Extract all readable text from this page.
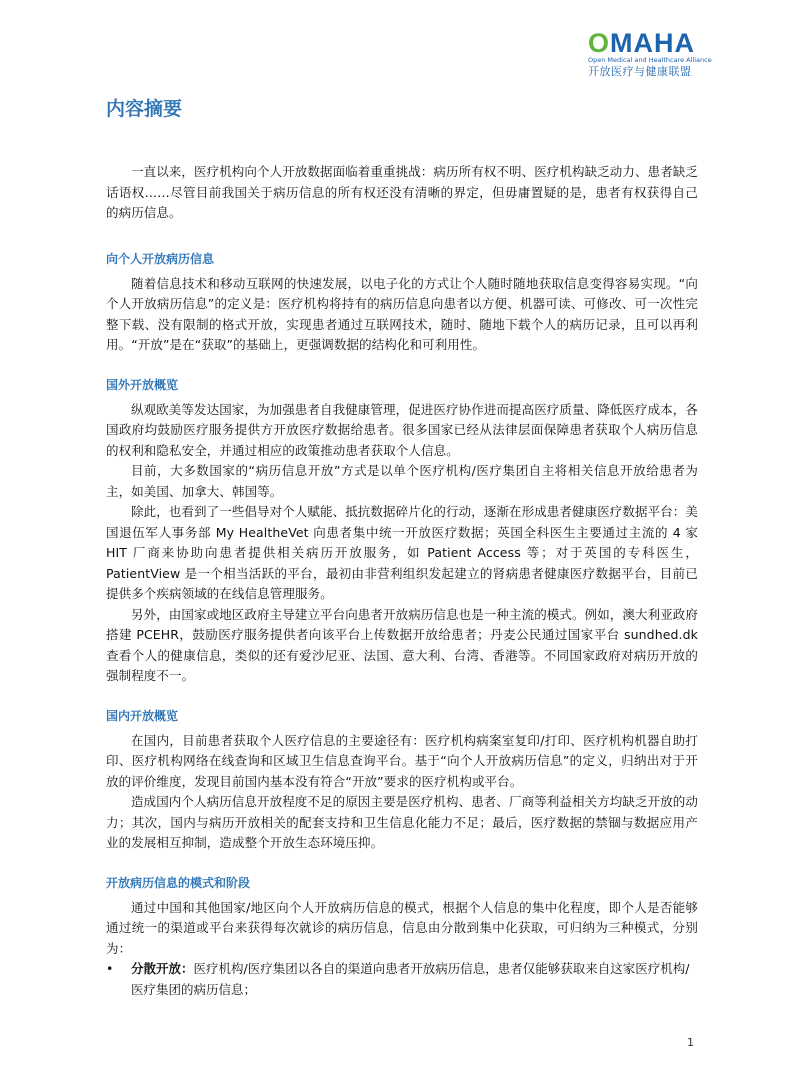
OMAHA
Open Medical and Healthcare Alliance
开放医疗与健康联盟
内容摘要

一直以来，医疗机构向个人开放数据面临着重重挑战：病历所有权不明、医疗机构缺乏动力、患者缺乏话语权……尽管目前我国关于病历信息的所有权还没有清晰的界定，但毋庸置疑的是，患者有权获得自己的病历信息。

向个人开放病历信息

随着信息技术和移动互联网的快速发展，以电子化的方式让个人随时随地获取信息变得容易实现。“向个人开放病历信息”的定义是：医疗机构将持有的病历信息向患者以方便、机器可读、可修改、可一次性完整下载、没有限制的格式开放，实现患者通过互联网技术，随时、随地下载个人的病历记录，且可以再利用。“开放”是在“获取”的基础上，更强调数据的结构化和可利用性。

国外开放概览

纵观欧美等发达国家，为加强患者自我健康管理，促进医疗协作进而提高医疗质量、降低医疗成本，各国政府均鼓励医疗服务提供方开放医疗数据给患者。很多国家已经从法律层面保障患者获取个人病历信息的权利和隐私安全，并通过相应的政策推动患者获取个人信息。

目前，大多数国家的“病历信息开放”方式是以单个医疗机构/医疗集团自主将相关信息开放给患者为主，如美国、加拿大、韩国等。

除此，也看到了一些倡导对个人赋能、抵抗数据碎片化的行动，逐渐在形成患者健康医疗数据平台：美国退伍军人事务部 My HealtheVet 向患者集中统一开放医疗数据；英国全科医生主要通过主流的 4 家 HIT 厂商来协助向患者提供相关病历开放服务，如 Patient Access 等；对于英国的专科医生，PatientView 是一个相当活跃的平台，最初由非营利组织发起建立的肾病患者健康医疗数据平台，目前已提供多个疾病领域的在线信息管理服务。

另外，由国家或地区政府主导建立平台向患者开放病历信息也是一种主流的模式。例如，澳大利亚政府搭建 PCEHR，鼓励医疗服务提供者向该平台上传数据开放给患者；丹麦公民通过国家平台 sundhed.dk 查看个人的健康信息，类似的还有爱沙尼亚、法国、意大利、台湾、香港等。不同国家政府对病历开放的强制程度不一。

国内开放概览

在国内，目前患者获取个人医疗信息的主要途径有：医疗机构病案室复印/打印、医疗机构机器自助打印、医疗机构网络在线查询和区域卫生信息查询平台。基于“向个人开放病历信息”的定义，归纳出对于开放的评价维度，发现目前国内基本没有符合“开放”要求的医疗机构或平台。

造成国内个人病历信息开放程度不足的原因主要是医疗机构、患者、厂商等利益相关方均缺乏开放的动力；其次，国内与病历开放相关的配套支持和卫生信息化能力不足；最后，医疗数据的禁锢与数据应用产业的发展相互抑制，造成整个开放生态环境压抑。

开放病历信息的模式和阶段

通过中国和其他国家/地区向个人开放病历信息的模式，根据个人信息的集中化程度，即个人是否能够通过统一的渠道或平台来获得每次就诊的病历信息，信息由分散到集中化获取，可归纳为三种模式，分别为：

• 分散开放：医疗机构/医疗集团以各自的渠道向患者开放病历信息，患者仅能够获取来自这家医疗机构/医疗集团的病历信息；
1
